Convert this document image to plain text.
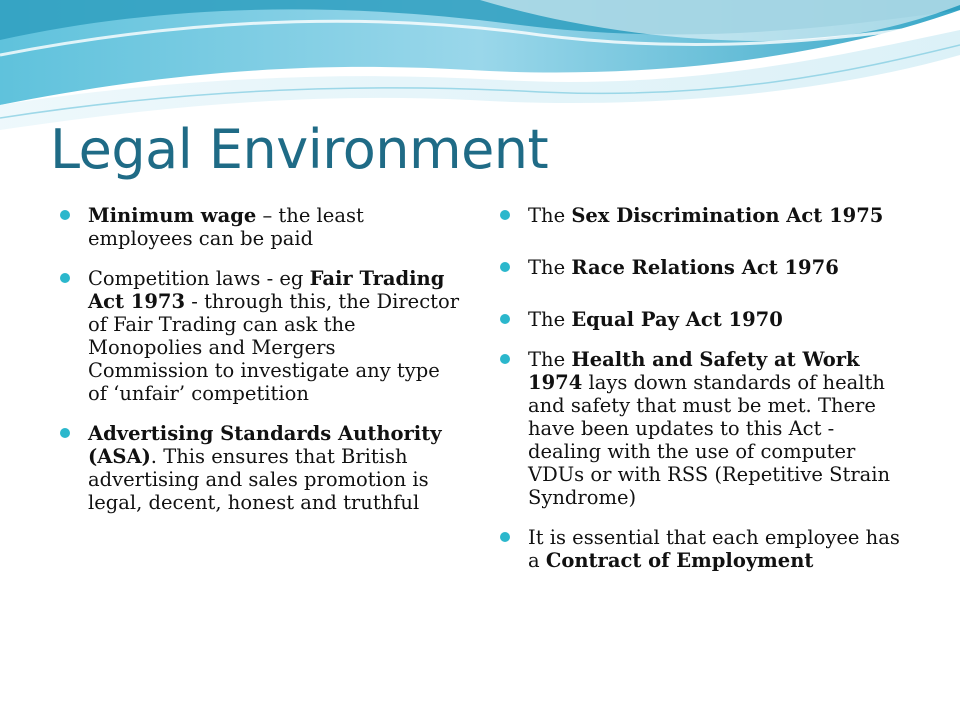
Legal Environment
Minimum wage – the least employees can be paid
Competition laws - eg Fair Trading Act 1973 - through this, the Director of Fair Trading can ask the Monopolies and Mergers Commission to investigate any type of ‘unfair’ competition
Advertising Standards Authority (ASA). This ensures that British advertising and sales promotion is legal, decent, honest and truthful
The Sex Discrimination Act 1975
The Race Relations Act 1976
The Equal Pay Act 1970
The Health and Safety at Work 1974 lays down standards of health and safety that must be met. There have been updates to this Act - dealing with the use of computer VDUs or with RSS (Repetitive Strain Syndrome)
It is essential that each employee has a Contract of Employment
